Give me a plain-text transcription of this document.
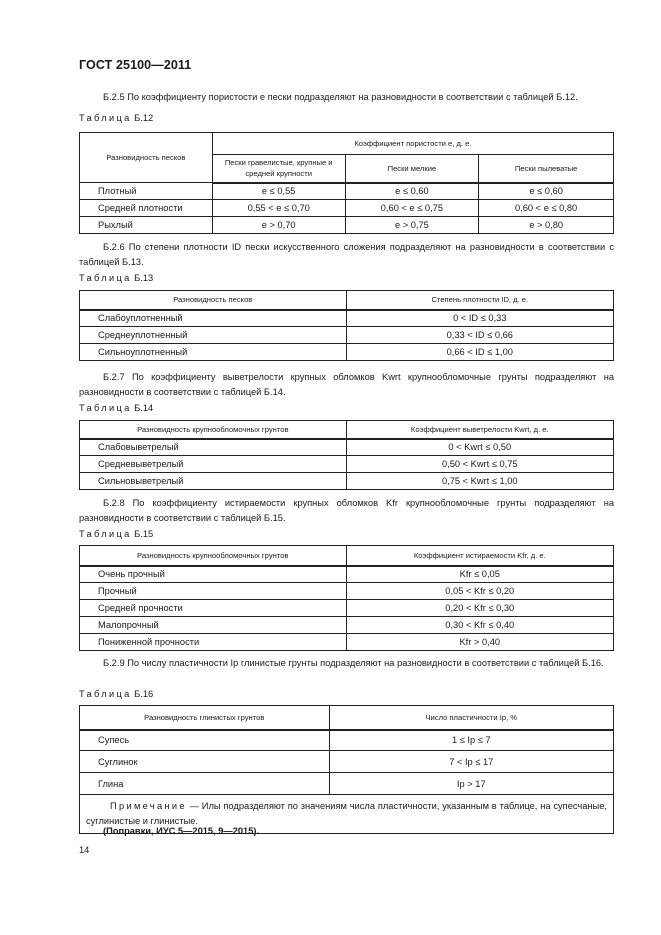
ГОСТ 25100—2011
Б.2.5 По коэффициенту пористости e пески подразделяют на разновидности в соответствии с таблицей Б.12.
Таблица Б.12
Разновидность песков	Коэффициент пористости e, д. е.		
	Пески гравелистые, крупные и средней крупности	Пески мелкие	Пески пылеватые
Плотный	e ≤ 0,55	e ≤ 0,60	e ≤ 0,60
Средней плотности	0,55 < e ≤ 0,70	0,60 < e ≤ 0,75	0,60 < e ≤ 0,80
Рыхлый	e > 0,70	e > 0,75	e > 0,80
Б.2.6 По степени плотности ID пески искусственного сложения подразделяют на разновидности в соответствии с таблицей Б.13.
Таблица Б.13
Разновидность песков	Степень плотности ID, д. е.
Слабоуплотненный	0 < ID ≤ 0,33
Среднеуплотненный	0,33 < ID ≤ 0,66
Сильноуплотненный	0,66 < ID ≤ 1,00
Б.2.7 По коэффициенту выветрелости крупных обломков Kwrt крупнообломочные грунты подразделяют на разновидности в соответствии с таблицей Б.14.
Таблица Б.14
Разновидность крупнообломочных грунтов	Коэффициент выветрелости Kwrt, д. е.
Слабовыветрелый	0 < Kwrt ≤ 0,50
Средневыветрелый	0,50 < Kwrt ≤ 0,75
Сильновыветрелый	0,75 < Kwrt ≤ 1,00
Б.2.8 По коэффициенту истираемости крупных обломков Kfr крупнообломочные грунты подразделяют на разновидности в соответствии с таблицей Б.15.
Таблица Б.15
Разновидность крупнообломочных грунтов	Коэффициент истираемости Kfr, д. е.
Очень прочный	Kfr ≤ 0,05
Прочный	0,05 < Kfr ≤ 0,20
Средней прочности	0,20 < Kfr ≤ 0,30
Малопрочный	0,30 < Kfr ≤ 0,40
Пониженной прочности	Kfr > 0,40
Б.2.9 По числу пластичности Ip глинистые грунты подразделяют на разновидности в соответствии с таблицей Б.16.
Таблица Б.16
Разновидность глинистых грунтов	Число пластичности Ip, %
Супесь	1 ≤ Ip ≤ 7
Суглинок	7 < Ip ≤ 17
Глина	Ip > 17
Примечание — Илы подразделяют по значениям числа пластичности, указанным в таблице, на супесчаные, суглинистые и глинистые.	
(Поправки, ИУС 5—2015, 9—2015).
14
